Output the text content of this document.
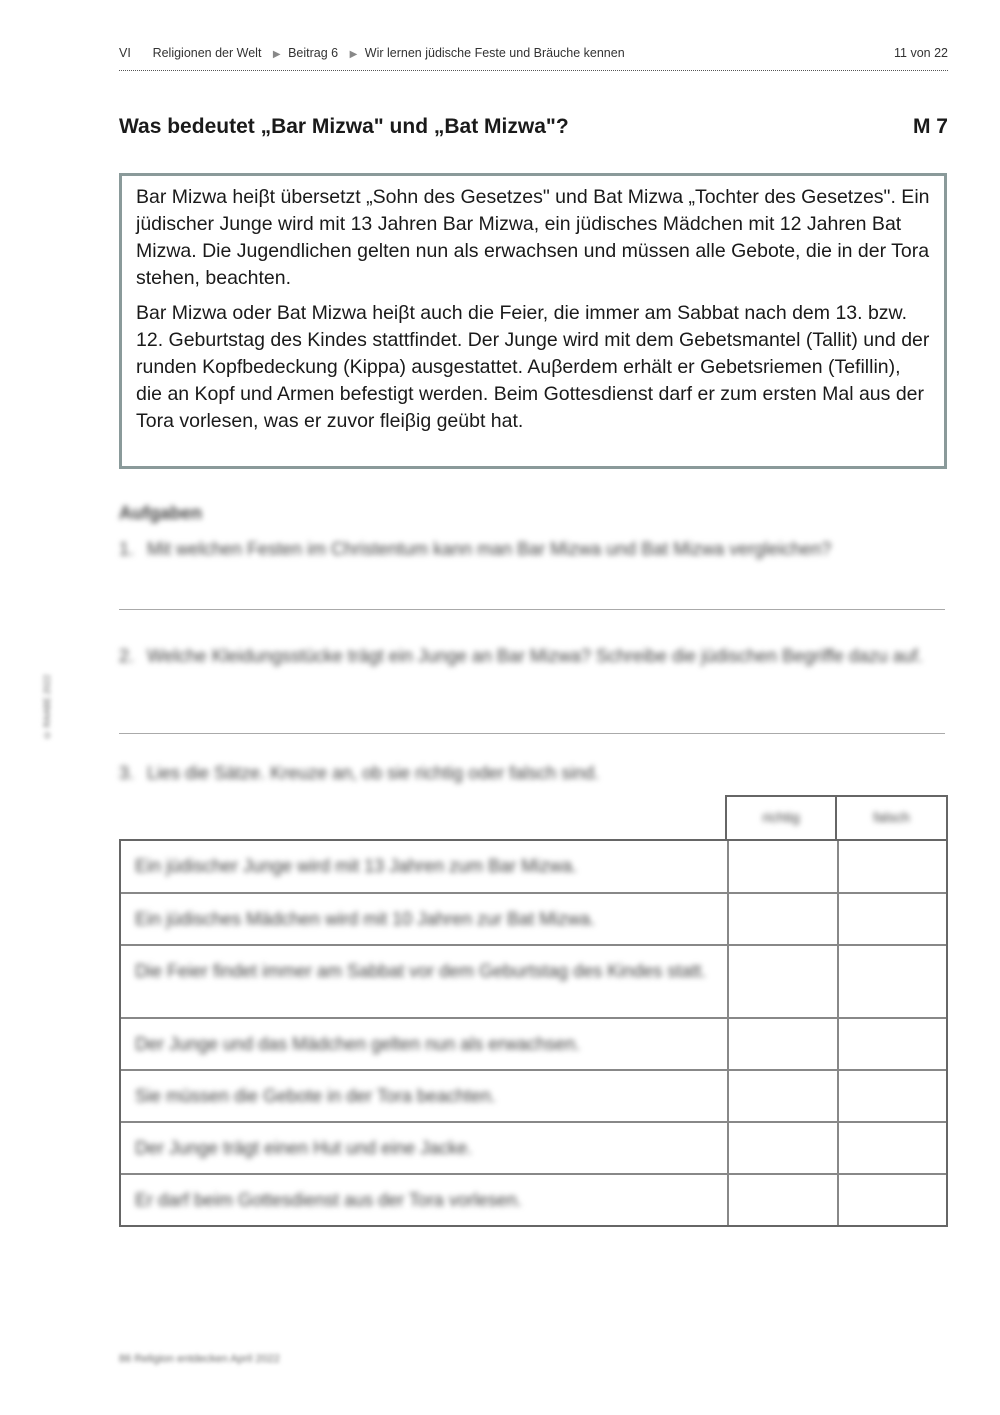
VI Religionen der Welt ▶ Beitrag 6 ▶ Wir lernen jüdische Feste und Bräuche kennen	11 von 22
Was bedeutet „Bar Mizwa" und „Bat Mizwa"?	M 7

Bar Mizwa heiβt übersetzt „Sohn des Gesetzes" und Bat Mizwa „Tochter des Gesetzes". Ein jüdischer Junge wird mit 13 Jahren Bar Mizwa, ein jüdisches Mädchen mit 12 Jahren Bat Mizwa. Die Jugendlichen gelten nun als erwachsen und müssen alle Gebote, die in der Tora stehen, beachten.

Bar Mizwa oder Bat Mizwa heiβt auch die Feier, die immer am Sabbat nach dem 13. bzw. 12. Geburtstag des Kindes stattfindet. Der Junge wird mit dem Gebetsmantel (Tallit) und der runden Kopfbedeckung (Kippa) ausgestattet. Auβerdem erhält er Gebetsriemen (Tefillin), die an Kopf und Armen befestigt werden. Beim Gottesdienst darf er zum ersten Mal aus der Tora vorlesen, was er zuvor fleiβig geübt hat.

Aufgaben
1. Mit welchen Festen im Christentum kann man Bar Mizwa und Bat Mizwa vergleichen?
2. Welche Kleidungsstücke trägt ein Junge an Bar Mizwa? Schreibe die jüdischen Begriffe dazu auf.
3. Lies die Sätze. Kreuze an, ob sie richtig oder falsch sind.
richtig	falsch
Ein jüdischer Junge wird mit 13 Jahren zum Bar Mizwa.
Ein jüdisches Mädchen wird mit 10 Jahren zur Bat Mizwa.
Die Feier findet immer am Sabbat vor dem Geburtstag des Kindes statt.
Der Junge und das Mädchen gelten nun als erwachsen.
Sie müssen die Gebote in der Tora beachten.
Der Junge trägt einen Hut und eine Jacke.
Er darf beim Gottesdienst aus der Tora vorlesen.
© RAABE 2022
86 Religion entdecken April 2022
